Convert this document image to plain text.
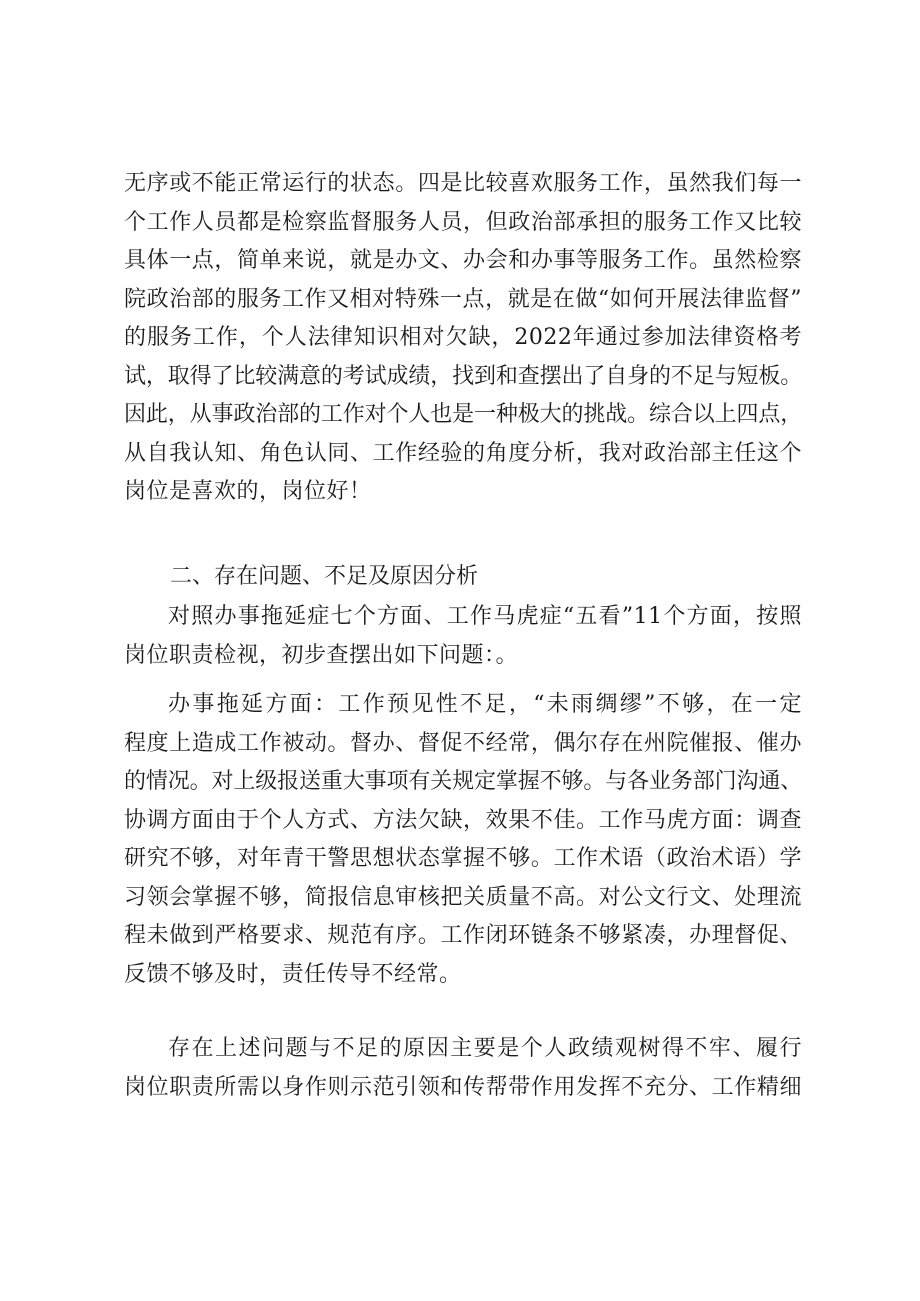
无序或不能正常运行的状态。四是比较喜欢服务工作，虽然我们每一
个工作人员都是检察监督服务人员，但政治部承担的服务工作又比较
具体一点，简单来说，就是办文、办会和办事等服务工作。虽然检察
院政治部的服务工作又相对特殊一点，就是在做“如何开展法律监督”
的服务工作，个人法律知识相对欠缺，2022年通过参加法律资格考
试，取得了比较满意的考试成绩，找到和查摆出了自身的不足与短板。
因此，从事政治部的工作对个人也是一种极大的挑战。综合以上四点，
从自我认知、角色认同、工作经验的角度分析，我对政治部主任这个
岗位是喜欢的，岗位好！
二、存在问题、不足及原因分析
对照办事拖延症七个方面、工作马虎症“五看”11个方面，按照
岗位职责检视，初步查摆出如下问题：。
办事拖延方面：工作预见性不足，“未雨绸缪”不够，在一定
程度上造成工作被动。督办、督促不经常，偶尔存在州院催报、催办
的情况。对上级报送重大事项有关规定掌握不够。与各业务部门沟通、
协调方面由于个人方式、方法欠缺，效果不佳。工作马虎方面：调查
研究不够，对年青干警思想状态掌握不够。工作术语（政治术语）学
习领会掌握不够，简报信息审核把关质量不高。对公文行文、处理流
程未做到严格要求、规范有序。工作闭环链条不够紧凑，办理督促、
反馈不够及时，责任传导不经常。
存在上述问题与不足的原因主要是个人政绩观树得不牢、履行
岗位职责所需以身作则示范引领和传帮带作用发挥不充分、工作精细
